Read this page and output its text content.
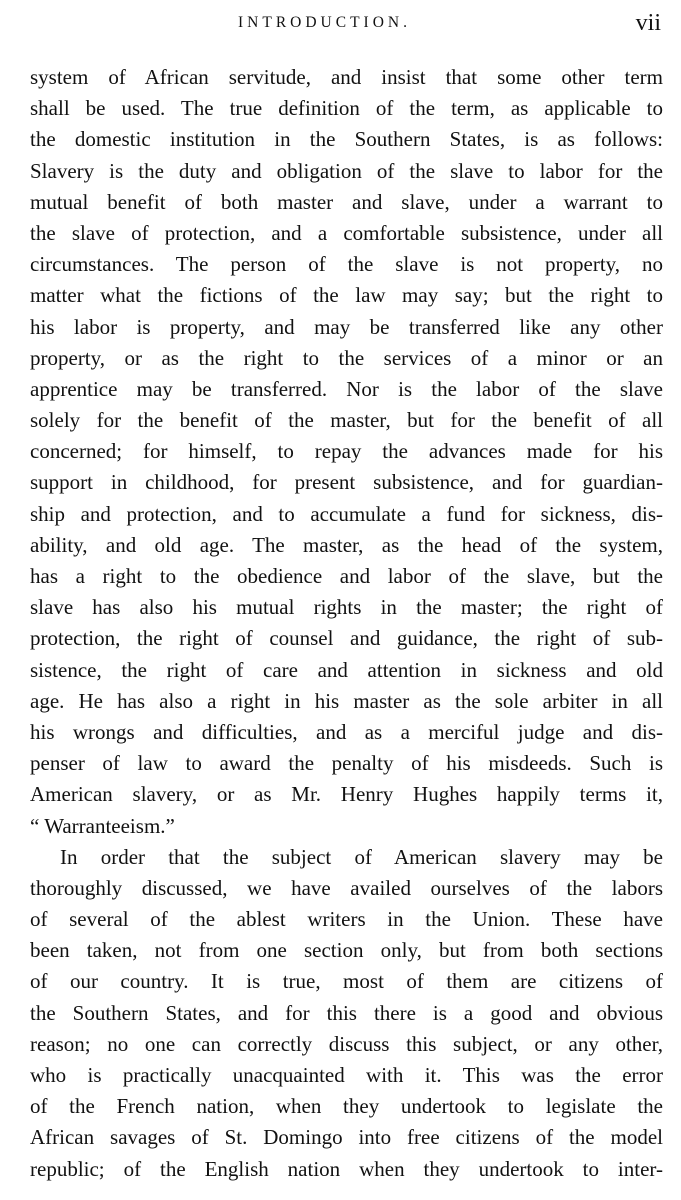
INTRODUCTION.	vii
system of African servitude, and insist that some other term
shall be used. The true definition of the term, as applicable to
the domestic institution in the Southern States, is as follows:
Slavery is the duty and obligation of the slave to labor for the
mutual benefit of both master and slave, under a warrant to
the slave of protection, and a comfortable subsistence, under all
circumstances. The person of the slave is not property, no
matter what the fictions of the law may say; but the right to
his labor is property, and may be transferred like any other
property, or as the right to the services of a minor or an
apprentice may be transferred. Nor is the labor of the slave
solely for the benefit of the master, but for the benefit of all
concerned; for himself, to repay the advances made for his
support in childhood, for present subsistence, and for guardian-
ship and protection, and to accumulate a fund for sickness, dis-
ability, and old age. The master, as the head of the system,
has a right to the obedience and labor of the slave, but the
slave has also his mutual rights in the master; the right of
protection, the right of counsel and guidance, the right of sub-
sistence, the right of care and attention in sickness and old
age. He has also a right in his master as the sole arbiter in all
his wrongs and difficulties, and as a merciful judge and dis-
penser of law to award the penalty of his misdeeds. Such is
American slavery, or as Mr. Henry Hughes happily terms it,
“ Warranteeism.”
In order that the subject of American slavery may be
thoroughly discussed, we have availed ourselves of the labors
of several of the ablest writers in the Union. These have
been taken, not from one section only, but from both sections
of our country. It is true, most of them are citizens of
the Southern States, and for this there is a good and obvious
reason; no one can correctly discuss this subject, or any other,
who is practically unacquainted with it. This was the error
of the French nation, when they undertook to legislate the
African savages of St. Domingo into free citizens of the model
republic; of the English nation when they undertook to inter-
